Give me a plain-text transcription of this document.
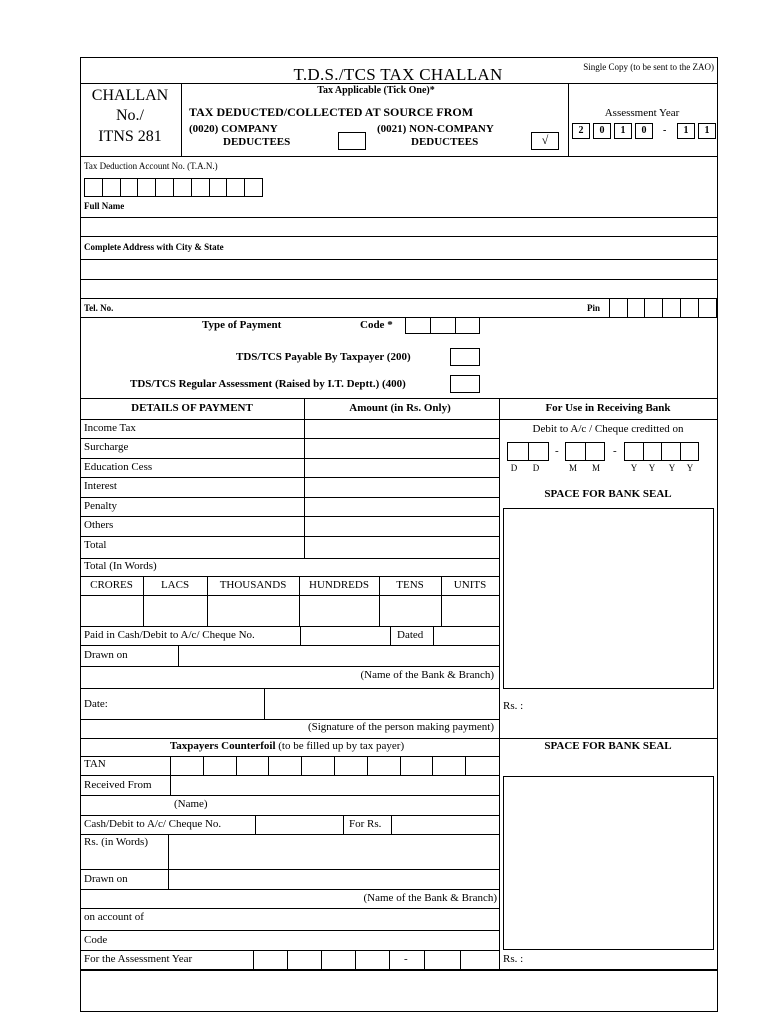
T.D.S./TCS TAX CHALLAN	Single Copy (to be sent to the ZAO)
CHALLAN
No./
ITNS 281
Tax Applicable (Tick One)*
TAX DEDUCTED/COLLECTED AT SOURCE FROM
(0020) COMPANY
DEDUCTEES
(0021) NON-COMPANY
DEDUCTEES	√
Assessment Year
2	0	1	0	-	1	1
Tax Deduction Account No. (T.A.N.)
Full Name
Complete Address with City & State
Tel. No.	Pin
Type of Payment	Code *
TDS/TCS Payable By Taxpayer (200)
TDS/TCS Regular Assessment (Raised by I.T. Deptt.) (400)
DETAILS OF PAYMENT	Amount (in Rs. Only)
Income Tax
Surcharge
Education Cess
Interest
Penalty
Others
Total
Total (In Words)
CRORES	LACS	THOUSANDS HUNDREDS TENS	UNITS
Paid in Cash/Debit to A/c/ Cheque No.	Dated
Drawn on
(Name of the Bank & Branch)
Date:
(Signature of the person making payment)
For Use in Receiving Bank
Debit to A/c / Cheque creditted on
-	-
D D	M M	Y Y Y Y
SPACE FOR BANK SEAL
Rs. :
Taxpayers Counterfoil (to be filled up by tax payer)	SPACE FOR BANK SEAL
Rs. :
TAN
Received From
(Name)
Cash/Debit to A/c/ Cheque No.	For Rs.
Rs. (in Words)
Drawn on
(Name of the Bank & Branch)
on account of
Code
For the Assessment Year	-
